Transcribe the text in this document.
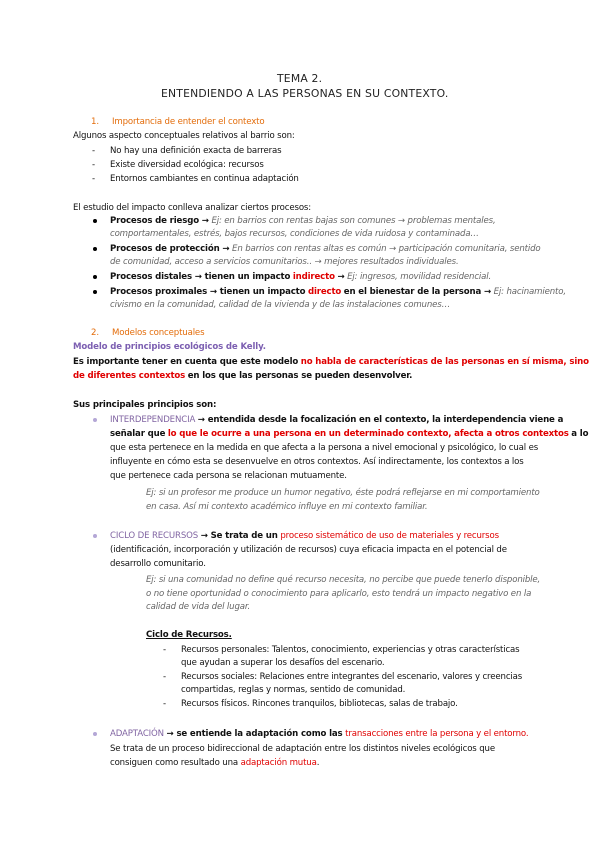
TEMA 2.
ENTENDIENDO A LAS PERSONAS EN SU CONTEXTO.
1. Importancia de entender el contexto
Algunos aspecto conceptuales relativos al barrio son:
- No hay una definición exacta de barreras
- Existe diversidad ecológica: recursos
- Entornos cambiantes en continua adaptación
El estudio del impacto conlleva analizar ciertos procesos:
Procesos de riesgo → Ej: en barrios con rentas bajas son comunes → problemas mentales,
comportamentales, estrés, bajos recursos, condiciones de vida ruidosa y contaminada…
Procesos de protección → En barrios con rentas altas es común → participación comunitaria, sentido
de comunidad, acceso a servicios comunitarios.. → mejores resultados individuales.
Procesos distales → tienen un impacto indirecto → Ej: ingresos, movilidad residencial.
Procesos proximales → tienen un impacto directo en el bienestar de la persona → Ej: hacinamiento,
civismo en la comunidad, calidad de la vivienda y de las instalaciones comunes…
2. Modelos conceptuales
Modelo de principios ecológicos de Kelly.
Es importante tener en cuenta que este modelo no habla de características de las personas en sí misma, sino
de diferentes contextos en los que las personas se pueden desenvolver.
Sus principales principios son:
INTERDEPENDENCIA → entendida desde la focalización en el contexto, la interdependencia viene a
señalar que lo que le ocurre a una persona en un determinado contexto, afecta a otros contextos a lo
que esta pertenece en la medida en que afecta a la persona a nivel emocional y psicológico, lo cual es
influyente en cómo esta se desenvuelve en otros contextos. Así indirectamente, los contextos a los
que pertenece cada persona se relacionan mutuamente.
Ej: si un profesor me produce un humor negativo, éste podrá reflejarse en mi comportamiento
en casa. Así mi contexto académico influye en mi contexto familiar.
CICLO DE RECURSOS → Se trata de un proceso sistemático de uso de materiales y recursos
(identificación, incorporación y utilización de recursos) cuya eficacia impacta en el potencial de
desarrollo comunitario.
Ej: si una comunidad no define qué recurso necesita, no percibe que puede tenerlo disponible,
o no tiene oportunidad o conocimiento para aplicarlo, esto tendrá un impacto negativo en la
calidad de vida del lugar.
Ciclo de Recursos.
- Recursos personales: Talentos, conocimiento, experiencias y otras características
que ayudan a superar los desafíos del escenario.
- Recursos sociales: Relaciones entre integrantes del escenario, valores y creencias
compartidas, reglas y normas, sentido de comunidad.
- Recursos físicos. Rincones tranquilos, bibliotecas, salas de trabajo.
ADAPTACIÓN → se entiende la adaptación como las transacciones entre la persona y el entorno.
Se trata de un proceso bidireccional de adaptación entre los distintos niveles ecológicos que
consiguen como resultado una adaptación mutua.
